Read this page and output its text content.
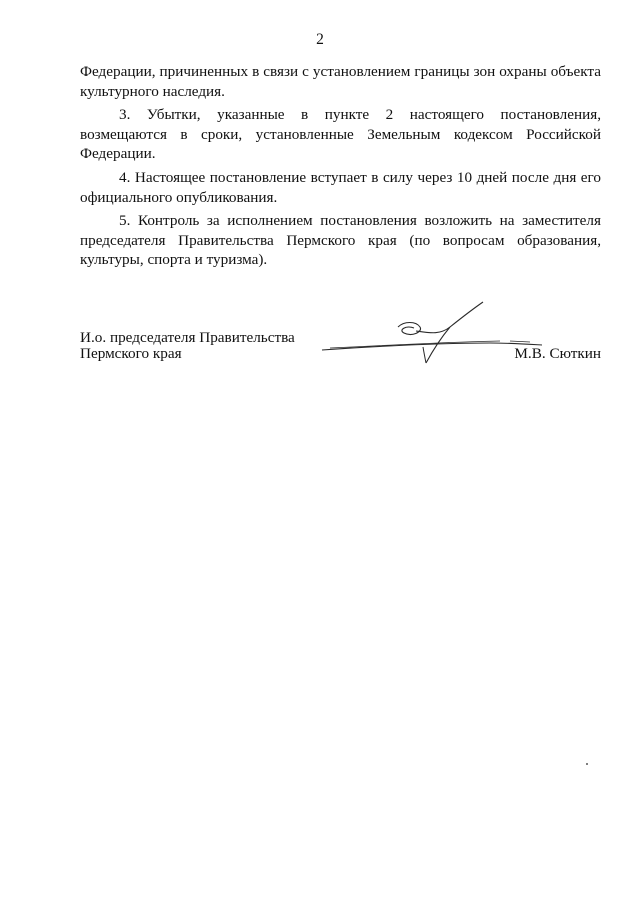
2

Федерации, причиненных в связи с установлением границы зон охраны объекта культурного наследия.

3. Убытки, указанные в пункте 2 настоящего постановления, возмещаются в сроки, установленные Земельным кодексом Российской Федерации.

4. Настоящее постановление вступает в силу через 10 дней после дня его официального опубликования.

5. Контроль за исполнением постановления возложить на заместителя председателя Правительства Пермского края (по вопросам образования, культуры, спорта и туризма).

И.о. председателя Правительства
Пермского края	М.В. Сюткин
